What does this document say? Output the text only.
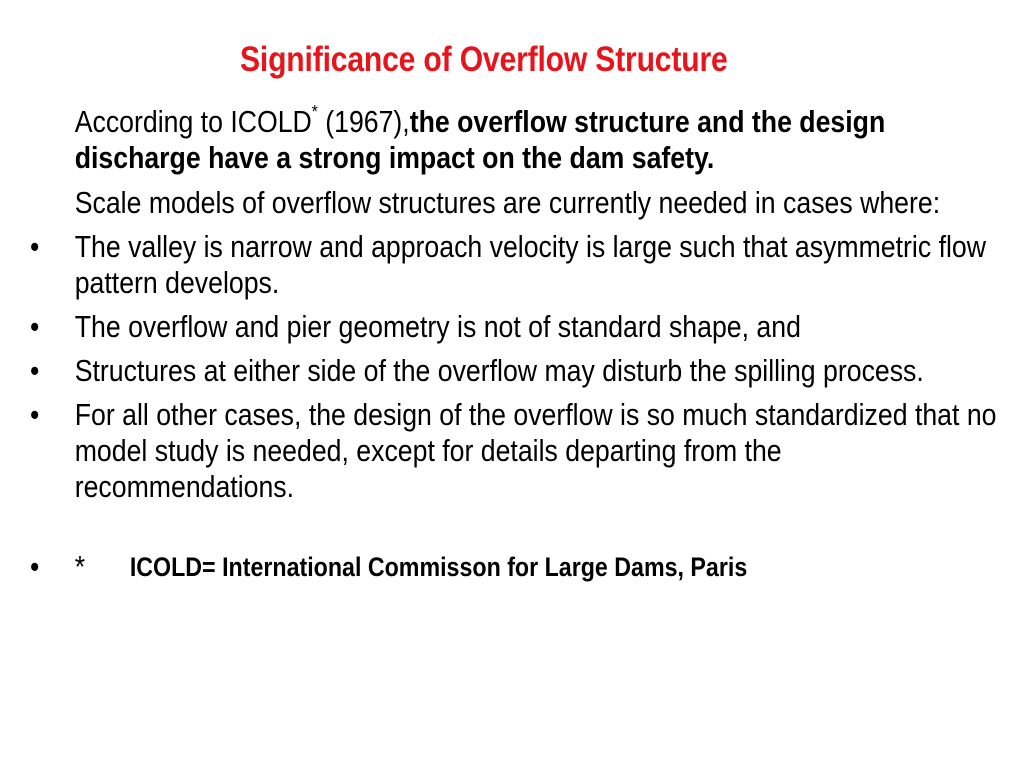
Significance of Overflow Structure
According to ICOLD* (1967),the overflow structure and the design discharge have a strong impact on the dam safety.
Scale models of overflow structures are currently needed in cases where:
• The valley is narrow and approach velocity is large such that asymmetric flow pattern develops.
• The overflow and pier geometry is not of standard shape, and
• Structures at either side of the overflow may disturb the spilling process.
• For all other cases, the design of the overflow is so much standardized that no model study is needed, except for details departing from the recommendations.
• * ICOLD= International Commisson for Large Dams, Paris
